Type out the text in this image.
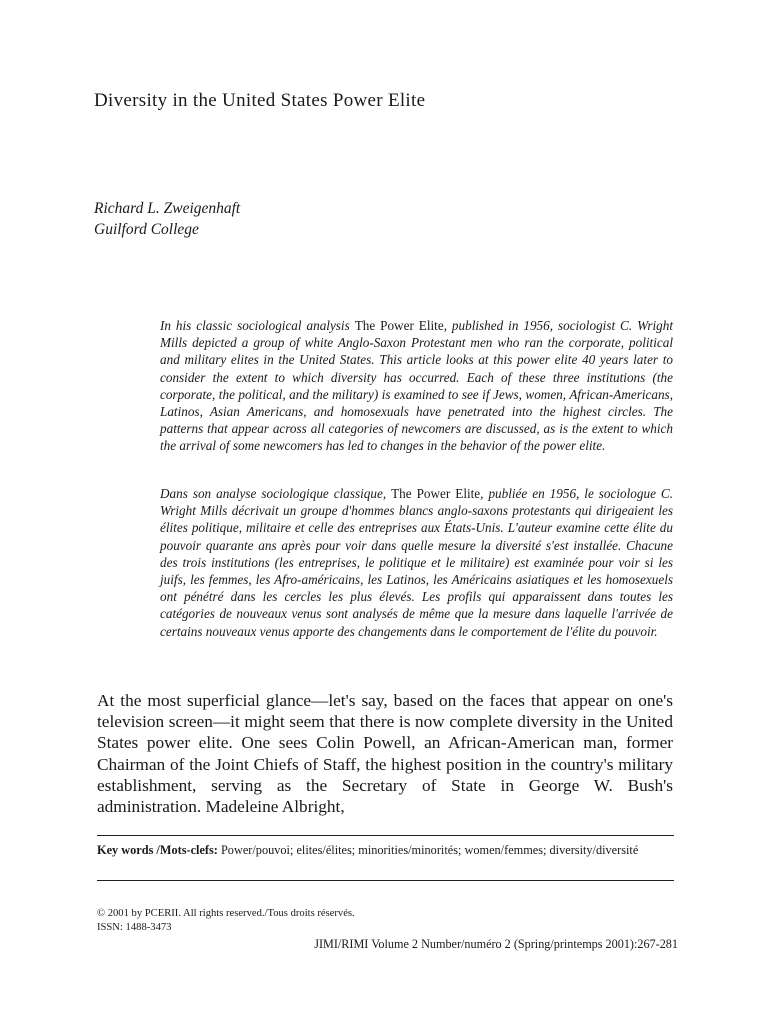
Diversity in the United States Power Elite
Richard L. Zweigenhaft
Guilford College

In his classic sociological analysis The Power Elite, published in 1956, sociologist C. Wright Mills depicted a group of white Anglo-Saxon Protestant men who ran the corporate, political and military elites in the United States. This article looks at this power elite 40 years later to consider the extent to which diversity has occurred. Each of these three institutions (the corporate, the political, and the military) is examined to see if Jews, women, African-Americans, Latinos, Asian Americans, and homosexuals have penetrated into the highest circles. The patterns that appear across all categories of newcomers are discussed, as is the extent to which the arrival of some newcomers has led to changes in the behavior of the power elite.

Dans son analyse sociologique classique, The Power Elite, publiée en 1956, le sociologue C. Wright Mills décrivait un groupe d'hommes blancs anglo-saxons protestants qui dirigeaient les élites politique, militaire et celle des entreprises aux États-Unis. L'auteur examine cette élite du pouvoir quarante ans après pour voir dans quelle mesure la diversité s'est installée. Chacune des trois institutions (les entreprises, le politique et le militaire) est examinée pour voir si les juifs, les femmes, les Afro-américains, les Latinos, les Américains asiatiques et les homosexuels ont pénétré dans les cercles les plus élevés. Les profils qui apparaissent dans toutes les catégories de nouveaux venus sont analysés de même que la mesure dans laquelle l'arrivée de certains nouveaux venus apporte des changements dans le comportement de l'élite du pouvoir.

At the most superficial glance—let's say, based on the faces that appear on one's television screen—it might seem that there is now complete diversity in the United States power elite. One sees Colin Powell, an African-American man, former Chairman of the Joint Chiefs of Staff, the highest position in the country's military establishment, serving as the Secretary of State in George W. Bush's administration. Madeleine Albright,

Key words /Mots-clefs: Power/pouvoi; elites/élites; minorities/minorités; women/femmes; diversity/diversité

© 2001 by PCERII. All rights reserved./Tous droits réservés.
ISSN: 1488-3473
JIMI/RIMI Volume 2 Number/numéro 2 (Spring/printemps 2001):267-281
